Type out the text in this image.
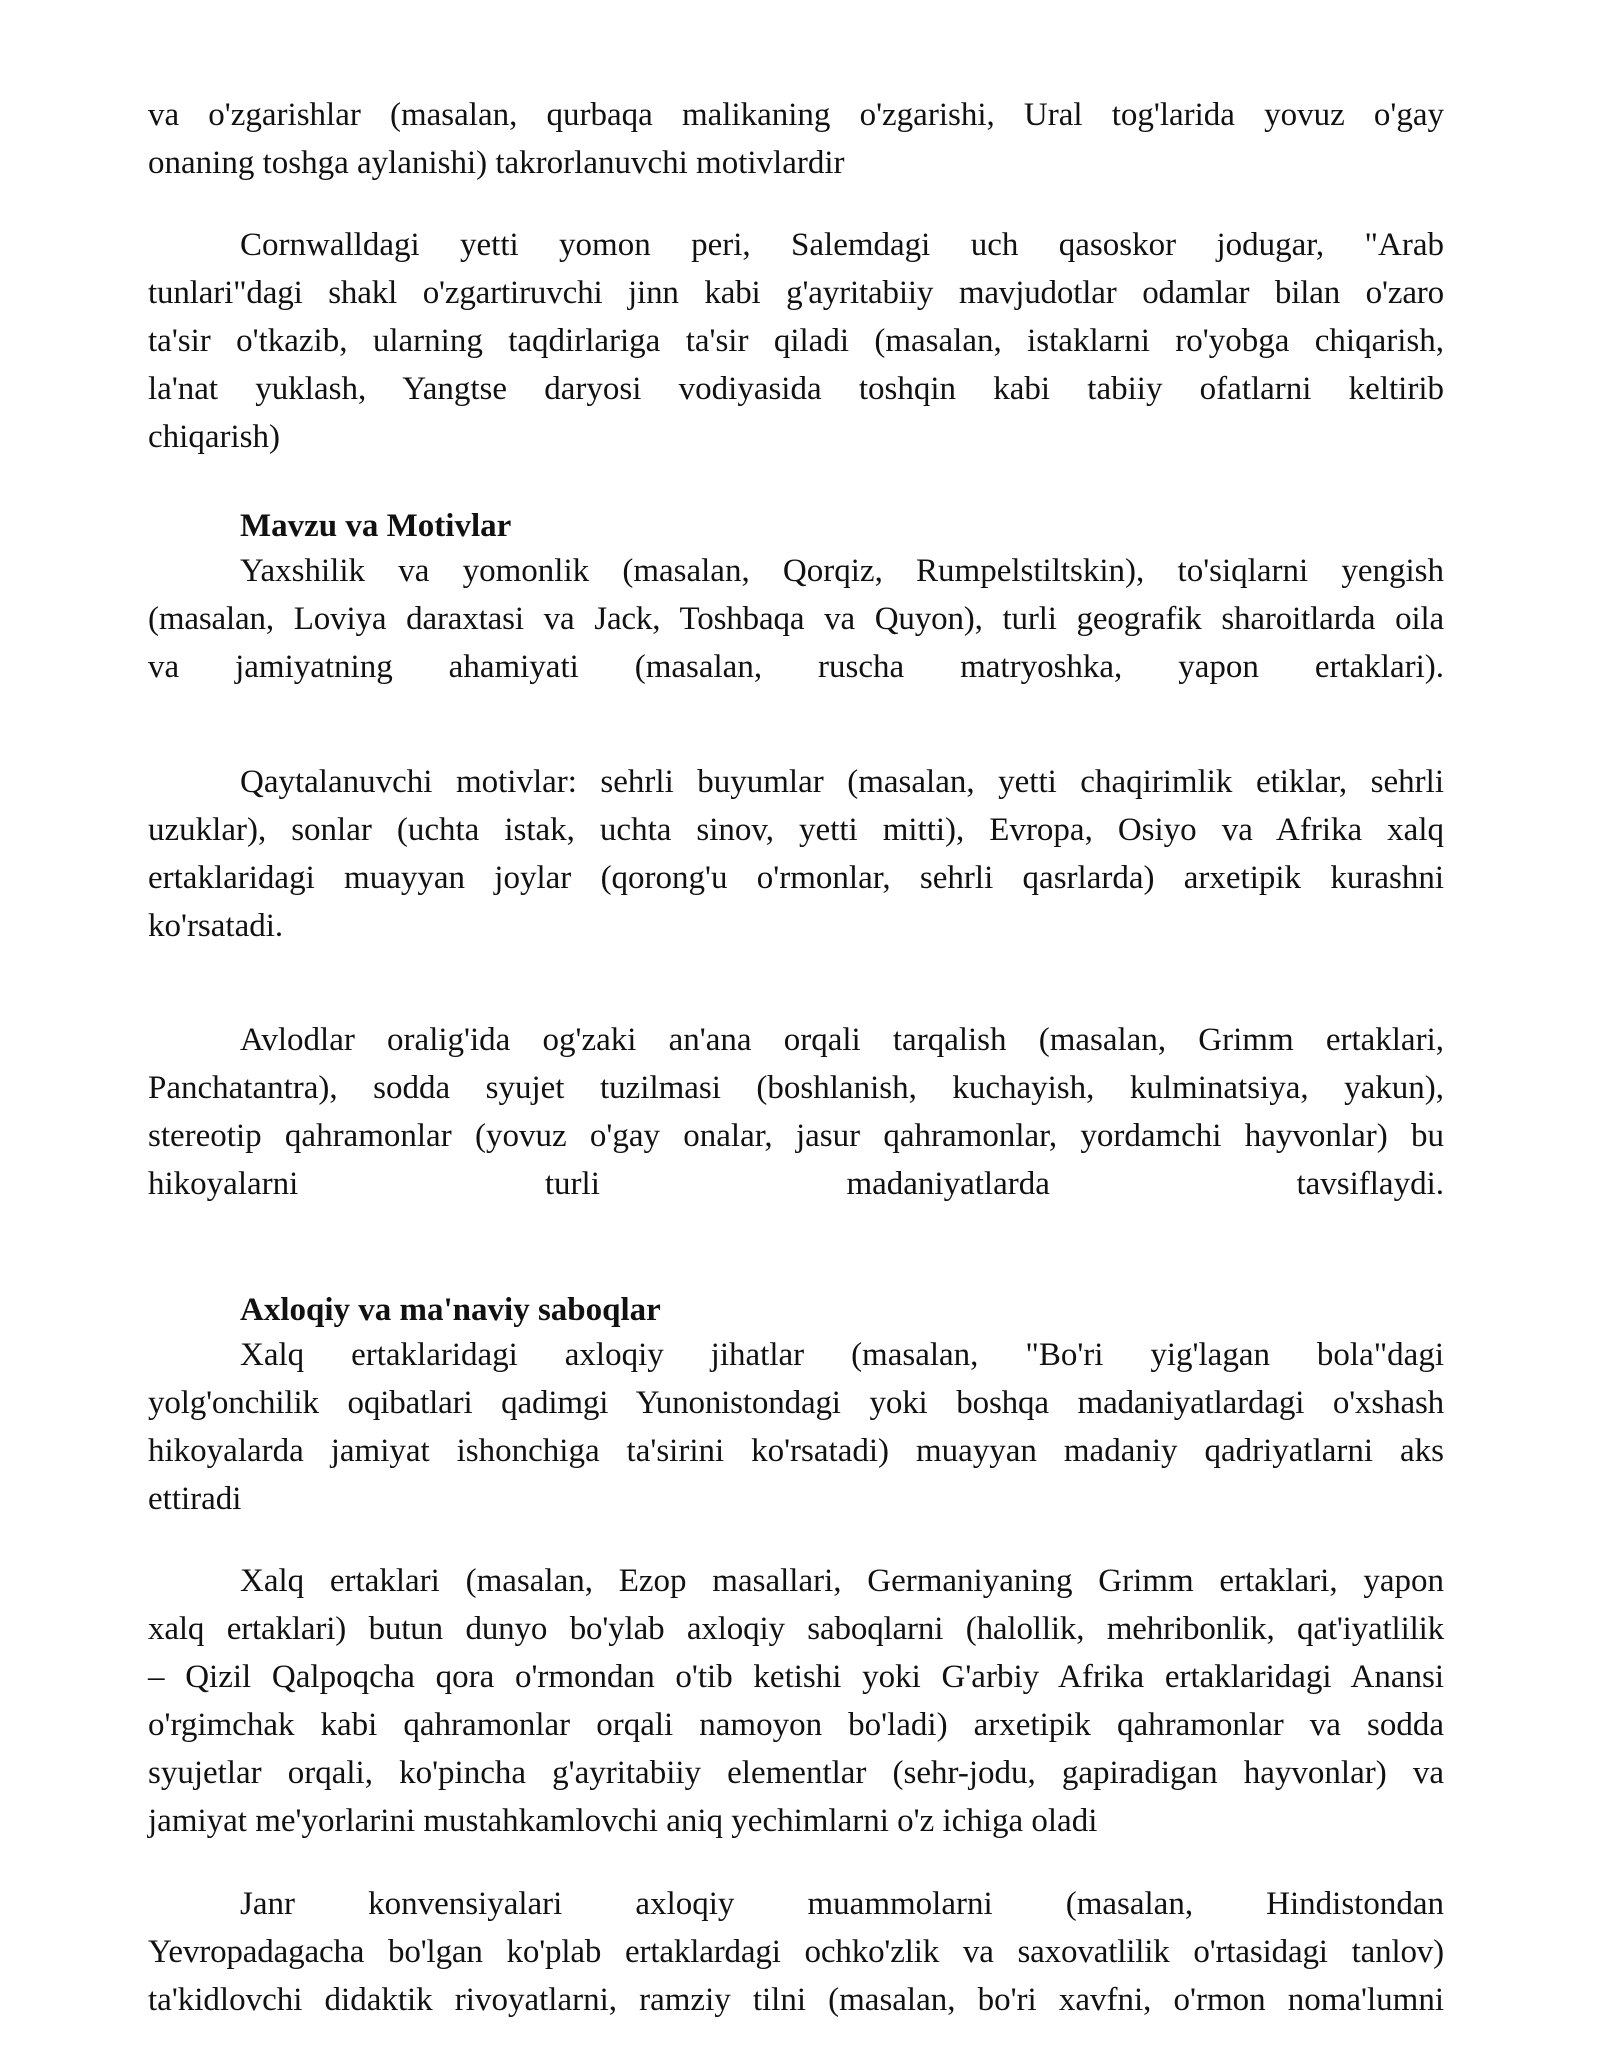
va o'zgarishlar (masalan, qurbaqa malikaning o'zgarishi, Ural tog'larida yovuz o'gay
onaning toshga aylanishi) takrorlanuvchi motivlardir
Cornwalldagi yetti yomon peri, Salemdagi uch qasoskor jodugar, "Arab
tunlari"dagi shakl o'zgartiruvchi jinn kabi g'ayritabiiy mavjudotlar odamlar bilan o'zaro
ta'sir o'tkazib, ularning taqdirlariga ta'sir qiladi (masalan, istaklarni ro'yobga chiqarish,
la'nat yuklash, Yangtse daryosi vodiyasida toshqin kabi tabiiy ofatlarni keltirib
chiqarish)
Mavzu va Motivlar
Yaxshilik va yomonlik (masalan, Qorqiz, Rumpelstiltskin), to'siqlarni yengish
(masalan, Loviya daraxtasi va Jack, Toshbaqa va Quyon), turli geografik sharoitlarda oila
va jamiyatning ahamiyati (masalan, ruscha matryoshka, yapon ertaklari).
Qaytalanuvchi motivlar: sehrli buyumlar (masalan, yetti chaqirimlik etiklar, sehrli
uzuklar), sonlar (uchta istak, uchta sinov, yetti mitti), Evropa, Osiyo va Afrika xalq
ertaklaridagi muayyan joylar (qorong'u o'rmonlar, sehrli qasrlarda) arxetipik kurashni
ko'rsatadi.
Avlodlar oralig'ida og'zaki an'ana orqali tarqalish (masalan, Grimm ertaklari,
Panchatantra), sodda syujet tuzilmasi (boshlanish, kuchayish, kulminatsiya, yakun),
stereotip qahramonlar (yovuz o'gay onalar, jasur qahramonlar, yordamchi hayvonlar) bu
hikoyalarni turli madaniyatlarda tavsiflaydi.
Axloqiy va ma'naviy saboqlar
Xalq ertaklaridagi axloqiy jihatlar (masalan, "Bo'ri yig'lagan bola"dagi
yolg'onchilik oqibatlari qadimgi Yunonistondagi yoki boshqa madaniyatlardagi o'xshash
hikoyalarda jamiyat ishonchiga ta'sirini ko'rsatadi) muayyan madaniy qadriyatlarni aks
ettiradi
Xalq ertaklari (masalan, Ezop masallari, Germaniyaning Grimm ertaklari, yapon
xalq ertaklari) butun dunyo bo'ylab axloqiy saboqlarni (halollik, mehribonlik, qat'iyatlilik
– Qizil Qalpoqcha qora o'rmondan o'tib ketishi yoki G'arbiy Afrika ertaklaridagi Anansi
o'rgimchak kabi qahramonlar orqali namoyon bo'ladi) arxetipik qahramonlar va sodda
syujetlar orqali, ko'pincha g'ayritabiiy elementlar (sehr-jodu, gapiradigan hayvonlar) va
jamiyat me'yorlarini mustahkamlovchi aniq yechimlarni o'z ichiga oladi
Janr konvensiyalari axloqiy muammolarni (masalan, Hindistondan
Yevropadagacha bo'lgan ko'plab ertaklardagi ochko'zlik va saxovatlilik o'rtasidagi tanlov)
ta'kidlovchi didaktik rivoyatlarni, ramziy tilni (masalan, bo'ri xavfni, o'rmon noma'lumni
